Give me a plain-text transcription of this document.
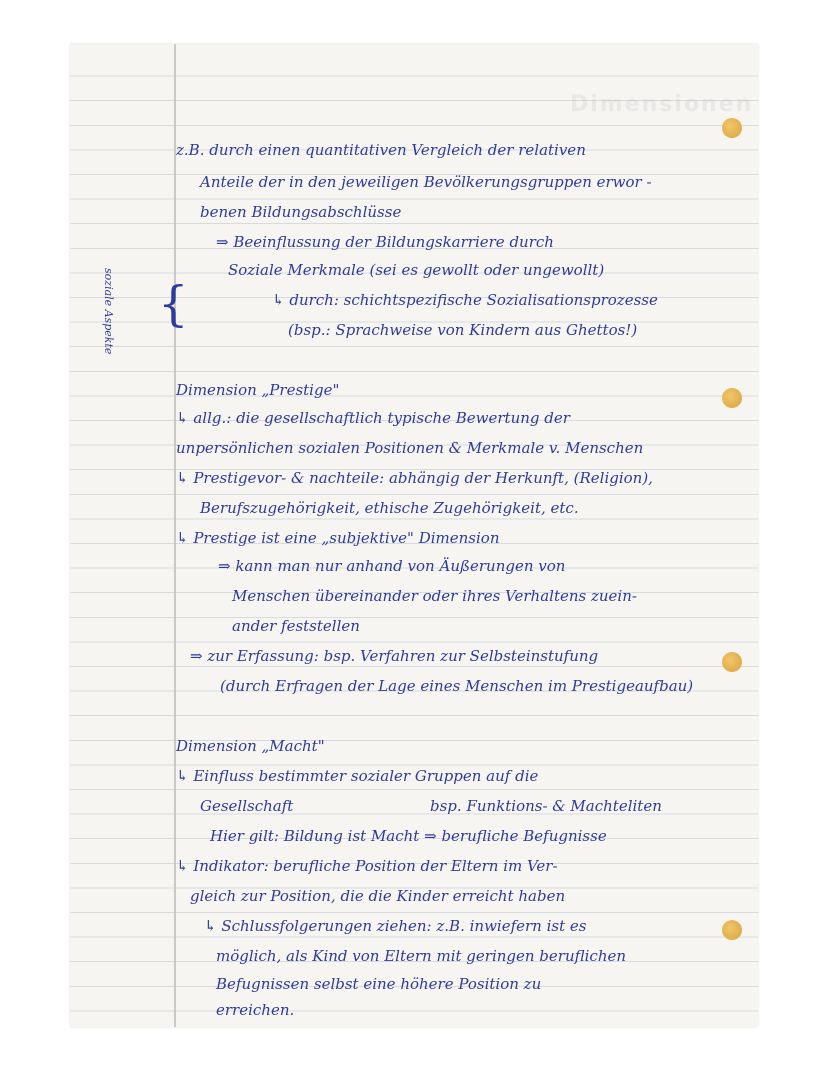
Dimensionen
soziale Aspekte {
z.B. durch einen quantitativen Vergleich der relativen
Anteile der in den jeweiligen Bevölkerungsgruppen erwor -
benen Bildungsabschlüsse
⇒ Beeinflussung der Bildungskarriere durch
Soziale Merkmale (sei es gewollt oder ungewollt)
↳ durch: schichtspezifische Sozialisationsprozesse
(bsp.: Sprachweise von Kindern aus Ghettos!)
Dimension „Prestige"
↳ allg.: die gesellschaftlich typische Bewertung der
unpersönlichen sozialen Positionen & Merkmale v. Menschen
↳ Prestigevor- & nachteile: abhängig der Herkunft, (Religion),
Berufszugehörigkeit, ethische Zugehörigkeit, etc.
↳ Prestige ist eine „subjektive" Dimension
⇒ kann man nur anhand von Äußerungen von
Menschen übereinander oder ihres Verhaltens zuein-
ander feststellen
⇒ zur Erfassung: bsp. Verfahren zur Selbsteinstufung
(durch Erfragen der Lage eines Menschen im Prestigeaufbau)
Dimension „Macht"
↳ Einfluss bestimmter sozialer Gruppen auf die
Gesellschaft	bsp. Funktions- & Machteliten
Hier gilt: Bildung ist Macht ⇒ berufliche Befugnisse
↳ Indikator: berufliche Position der Eltern im Ver-
gleich zur Position, die die Kinder erreicht haben
↳ Schlussfolgerungen ziehen: z.B. inwiefern ist es
möglich, als Kind von Eltern mit geringen beruflichen
Befugnissen selbst eine höhere Position zu
erreichen.
